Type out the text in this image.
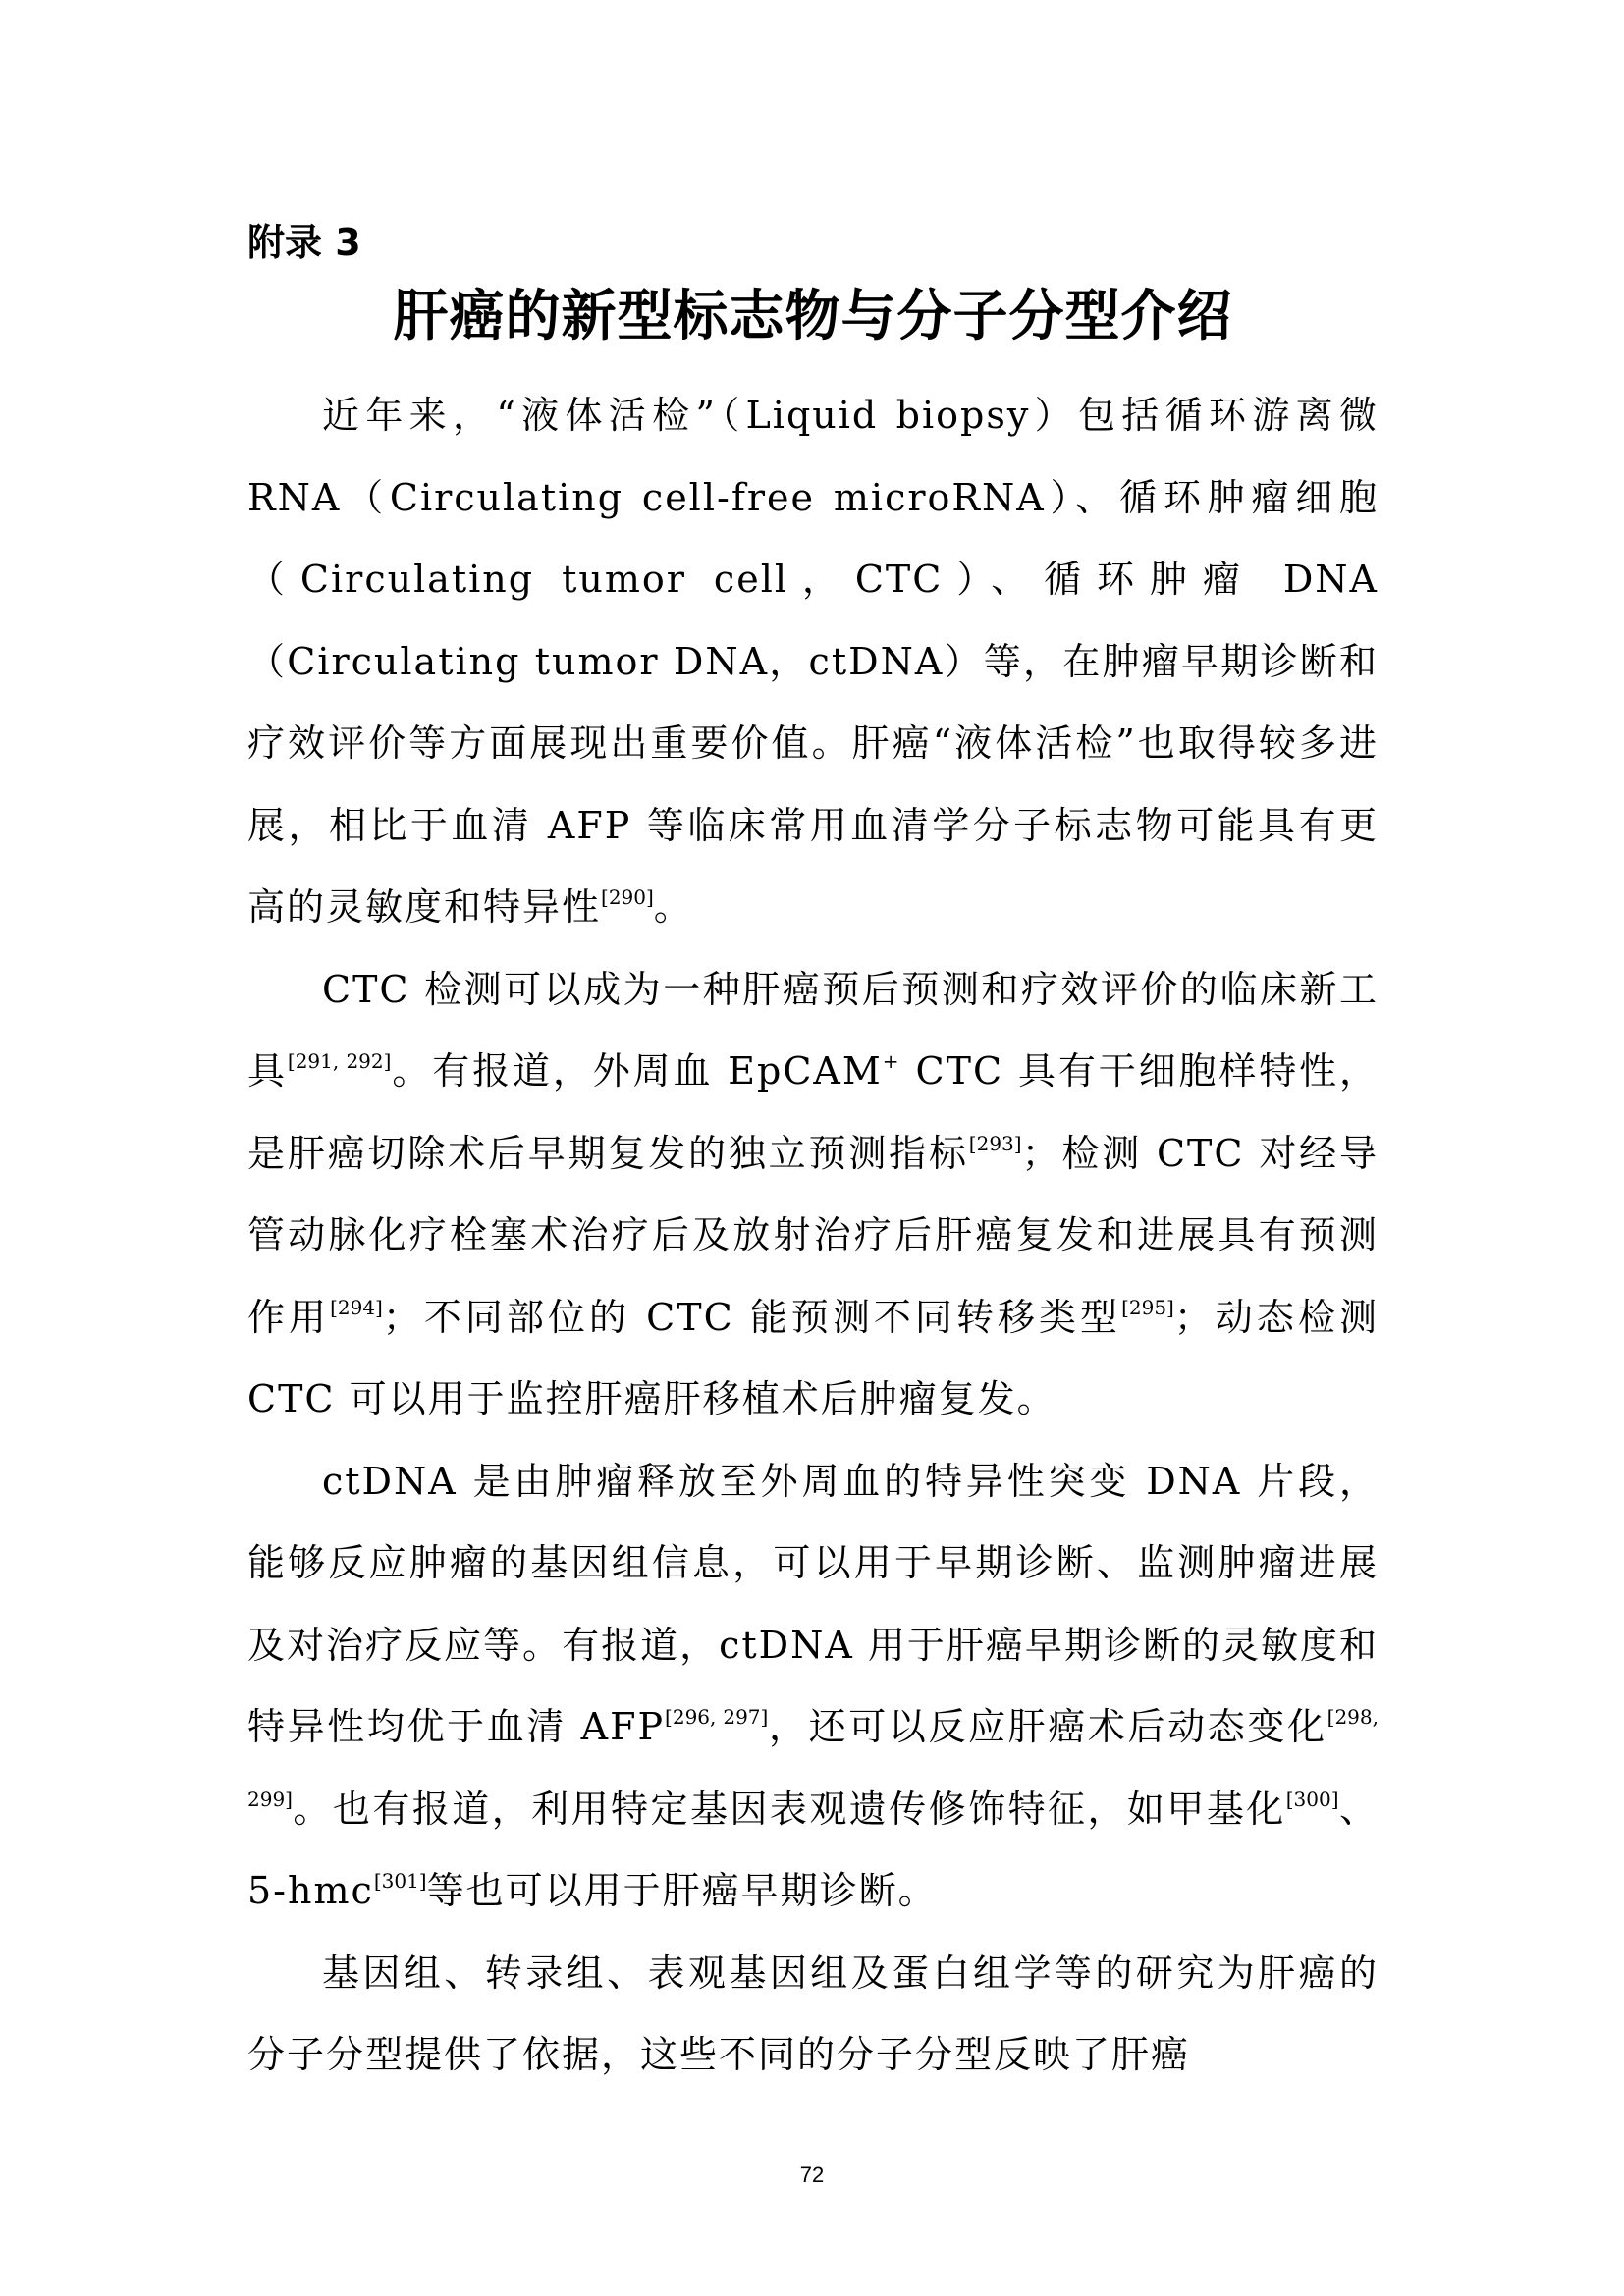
附录 3
肝癌的新型标志物与分子分型介绍

近年来，“液体活检”（Liquid biopsy）包括循环游离微 RNA（Circulating cell-free microRNA）、循环肿瘤细胞（Circulating tumor cell，CTC）、循环肿瘤 DNA（Circulating tumor DNA，ctDNA）等，在肿瘤早期诊断和疗效评价等方面展现出重要价值。肝癌“液体活检”也取得较多进展，相比于血清 AFP 等临床常用血清学分子标志物可能具有更高的灵敏度和特异性[290]。

CTC 检测可以成为一种肝癌预后预测和疗效评价的临床新工具[291, 292]。有报道，外周血 EpCAM+ CTC 具有干细胞样特性，是肝癌切除术后早期复发的独立预测指标[293]；检测 CTC 对经导管动脉化疗栓塞术治疗后及放射治疗后肝癌复发和进展具有预测作用[294]；不同部位的 CTC 能预测不同转移类型[295]；动态检测 CTC 可以用于监控肝癌肝移植术后肿瘤复发。

ctDNA 是由肿瘤释放至外周血的特异性突变 DNA 片段，能够反应肿瘤的基因组信息，可以用于早期诊断、监测肿瘤进展及对治疗反应等。有报道，ctDNA 用于肝癌早期诊断的灵敏度和特异性均优于血清 AFP[296, 297]，还可以反应肝癌术后动态变化[298, 299]。也有报道，利用特定基因表观遗传修饰特征，如甲基化[300]、5-hmc[301]等也可以用于肝癌早期诊断。

基因组、转录组、表观基因组及蛋白组学等的研究为肝癌的分子分型提供了依据，这些不同的分子分型反映了肝癌

72
